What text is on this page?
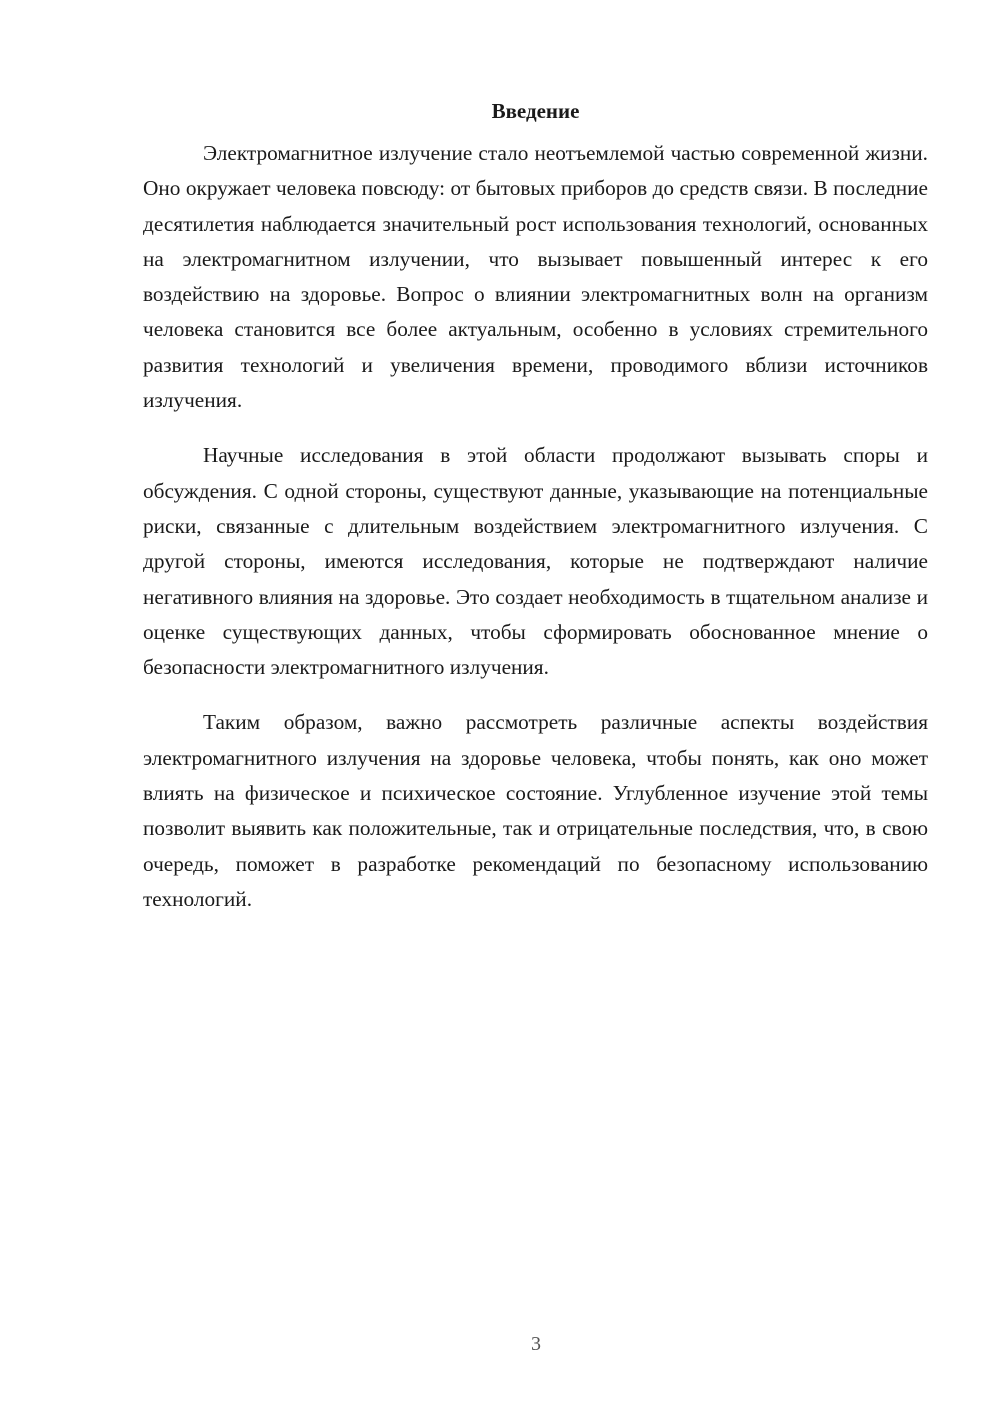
Введение

Электромагнитное излучение стало неотъемлемой частью современной жизни. Оно окружает человека повсюду: от бытовых приборов до средств связи. В последние десятилетия наблюдается значительный рост использования технологий, основанных на электромагнитном излучении, что вызывает повышенный интерес к его воздействию на здоровье. Вопрос о влиянии электромагнитных волн на организм человека становится все более актуальным, особенно в условиях стремительного развития технологий и увеличения времени, проводимого вблизи источников излучения.

Научные исследования в этой области продолжают вызывать споры и обсуждения. С одной стороны, существуют данные, указывающие на потенциальные риски, связанные с длительным воздействием электромагнитного излучения. С другой стороны, имеются исследования, которые не подтверждают наличие негативного влияния на здоровье. Это создает необходимость в тщательном анализе и оценке существующих данных, чтобы сформировать обоснованное мнение о безопасности электромагнитного излучения.

Таким образом, важно рассмотреть различные аспекты воздействия электромагнитного излучения на здоровье человека, чтобы понять, как оно может влиять на физическое и психическое состояние. Углубленное изучение этой темы позволит выявить как положительные, так и отрицательные последствия, что, в свою очередь, поможет в разработке рекомендаций по безопасному использованию технологий.

3
